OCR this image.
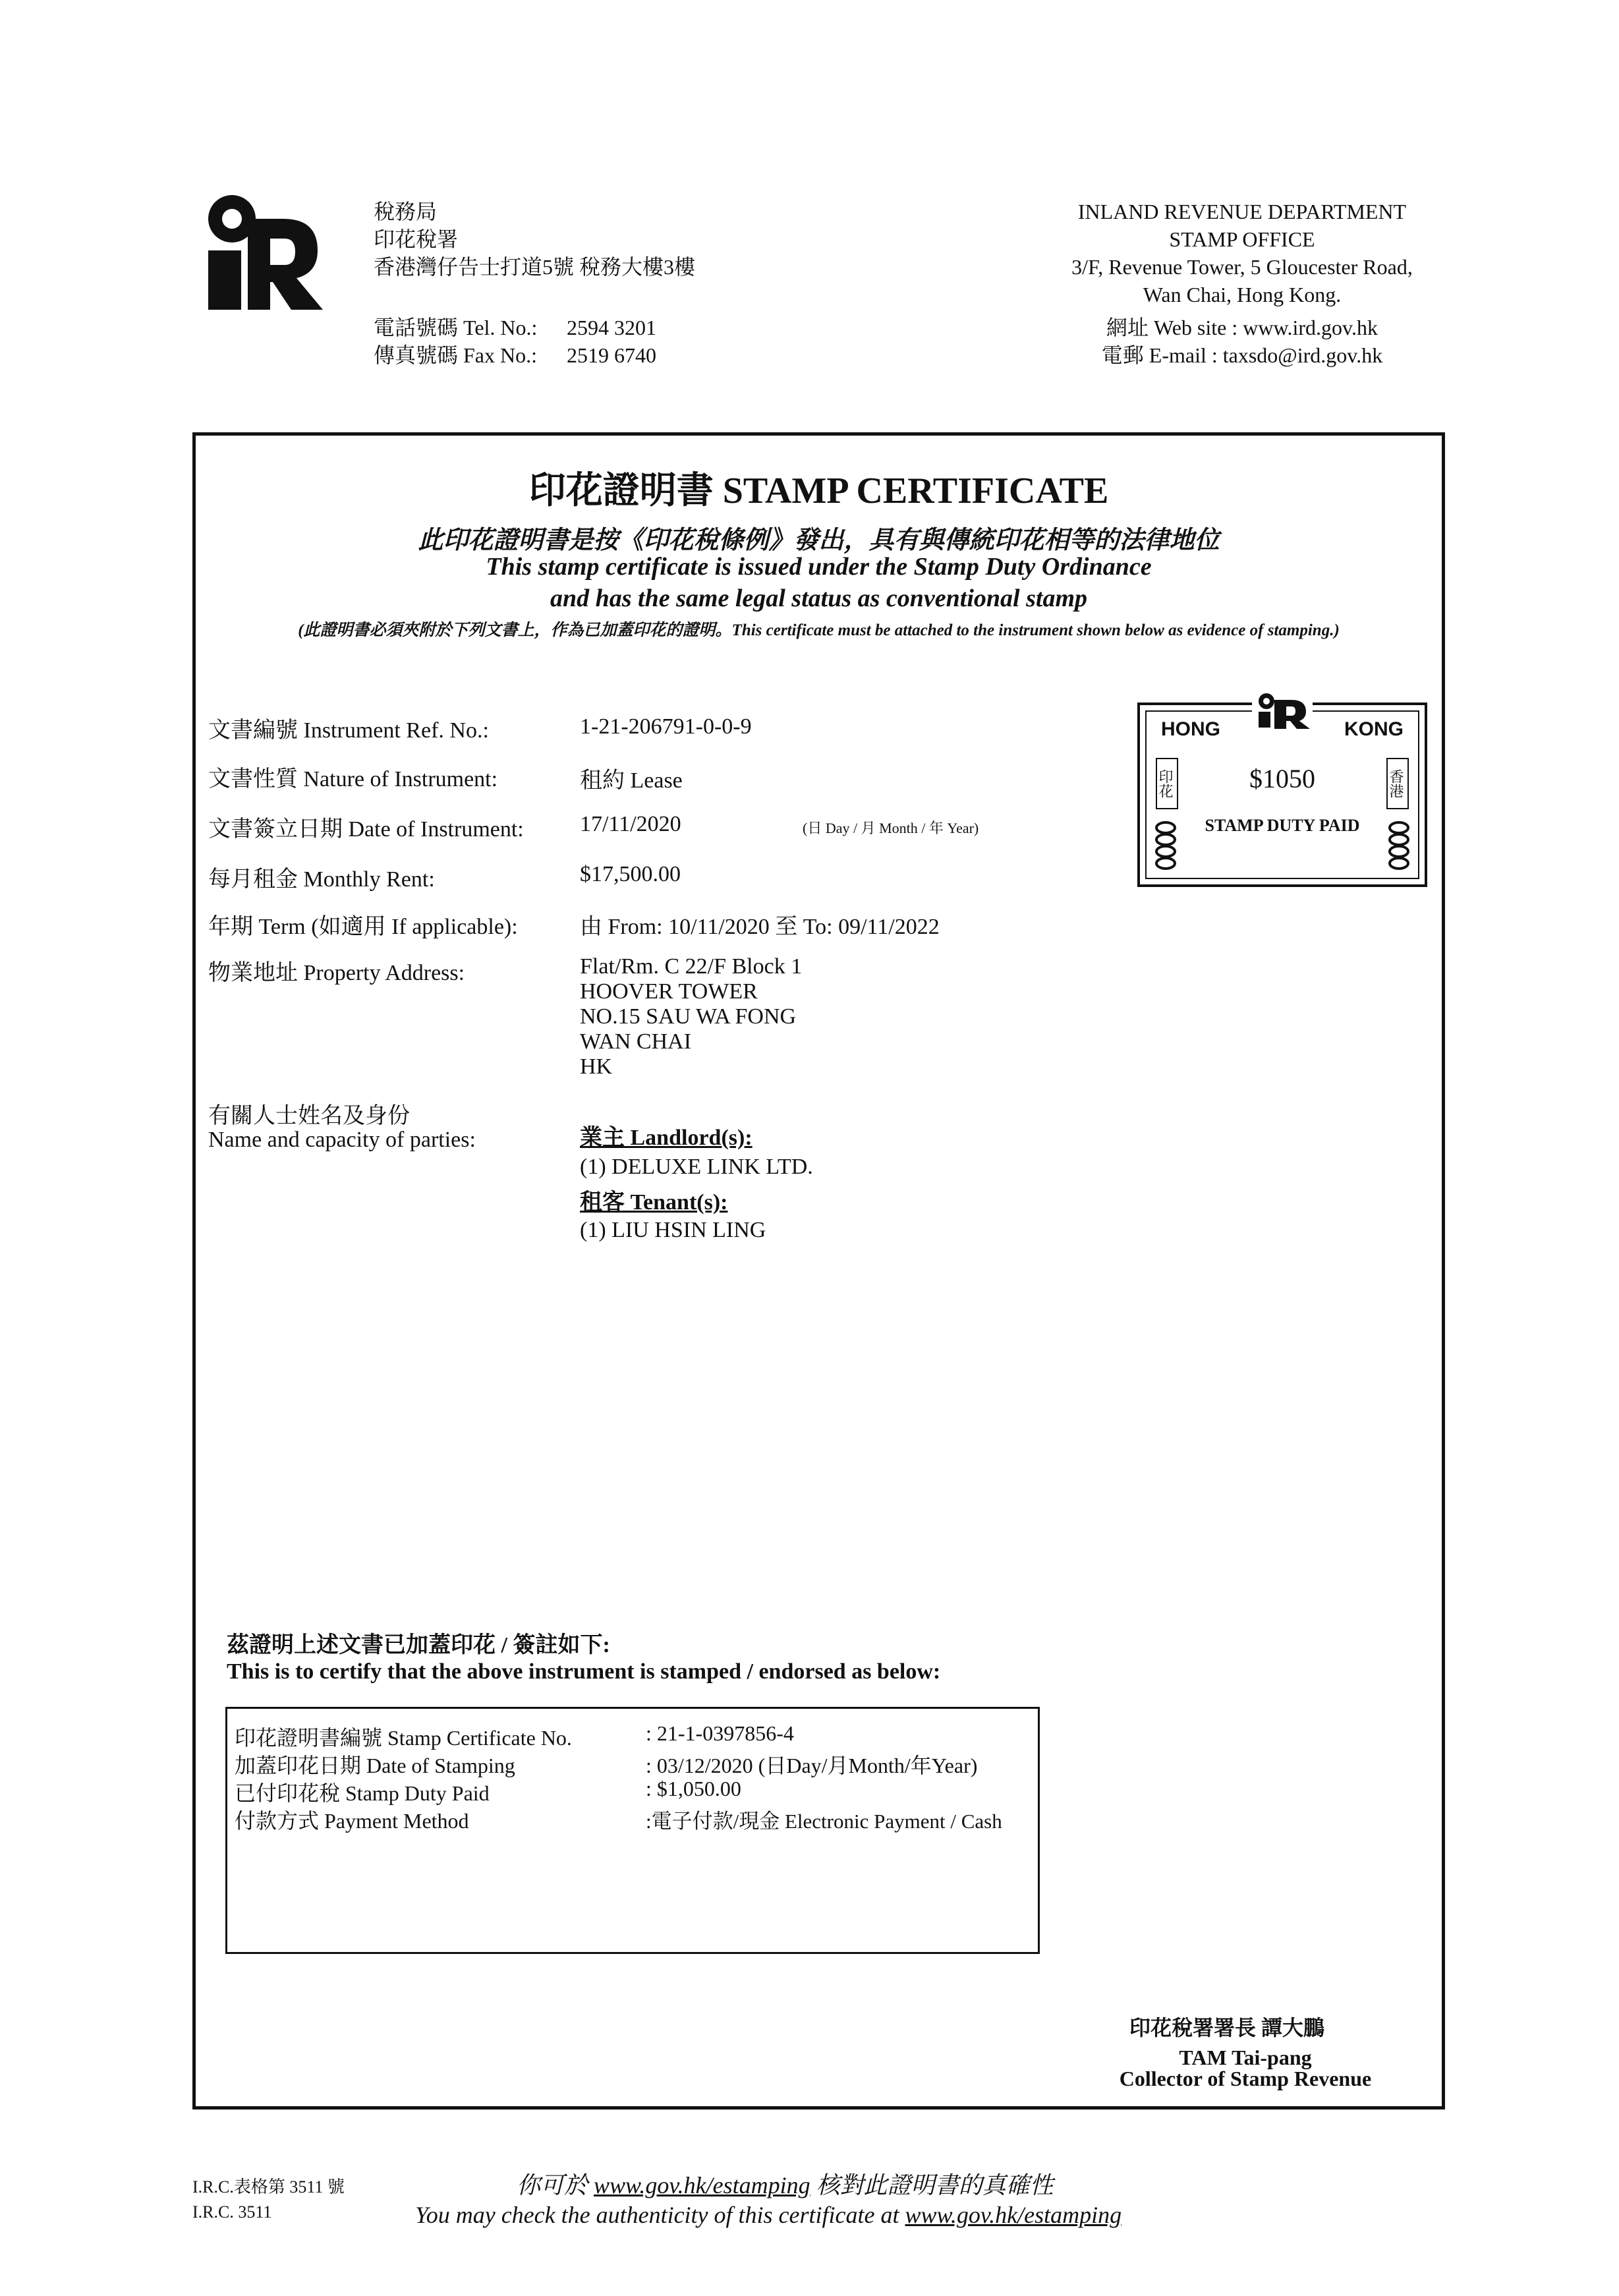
稅務局
印花稅署
香港灣仔告士打道5號 稅務大樓3樓
電話號碼 Tel. No.: 2594 3201
傳真號碼 Fax No.: 2519 6740
INLAND REVENUE DEPARTMENT
STAMP OFFICE
3/F, Revenue Tower, 5 Gloucester Road,
Wan Chai, Hong Kong.
網址 Web site : www.ird.gov.hk
電郵 E-mail : taxsdo@ird.gov.hk
印花證明書 STAMP CERTIFICATE
此印花證明書是按《印花稅條例》發出，具有與傳統印花相等的法律地位
This stamp certificate is issued under the Stamp Duty Ordinance
and has the same legal status as conventional stamp
(此證明書必須夾附於下列文書上，作為已加蓋印花的證明。This certificate must be attached to the instrument shown below as evidence of stamping.)
文書編號 Instrument Ref. No.:	1-21-206791-0-0-9
文書性質 Nature of Instrument:	租約 Lease
文書簽立日期 Date of Instrument:	17/11/2020	(日 Day / 月 Month / 年 Year)
每月租金 Monthly Rent:	$17,500.00
年期 Term (如適用 If applicable):	由 From: 10/11/2020 至 To: 09/11/2022
物業地址 Property Address:	Flat/Rm. C 22/F Block 1
HOOVER TOWER
NO.15 SAU WA FONG
WAN CHAI
HK
有關人士姓名及身份
Name and capacity of parties:	業主 Landlord(s):
(1) DELUXE LINK LTD.
租客 Tenant(s):
(1) LIU HSIN LING
HONG	KONG
印花	香港
$1050
STAMP DUTY PAID
茲證明上述文書已加蓋印花 / 簽註如下:
This is to certify that the above instrument is stamped / endorsed as below:
印花證明書編號 Stamp Certificate No.	: 21-1-0397856-4
加蓋印花日期 Date of Stamping	: 03/12/2020 (日Day/月Month/年Year)
已付印花稅 Stamp Duty Paid	: $1,050.00
付款方式 Payment Method	:電子付款/現金 Electronic Payment / Cash
印花稅署署長 譚大鵬
TAM Tai-pang
Collector of Stamp Revenue
I.R.C.表格第 3511 號
I.R.C. 3511
你可於 www.gov.hk/estamping 核對此證明書的真確性
You may check the authenticity of this certificate at www.gov.hk/estamping
